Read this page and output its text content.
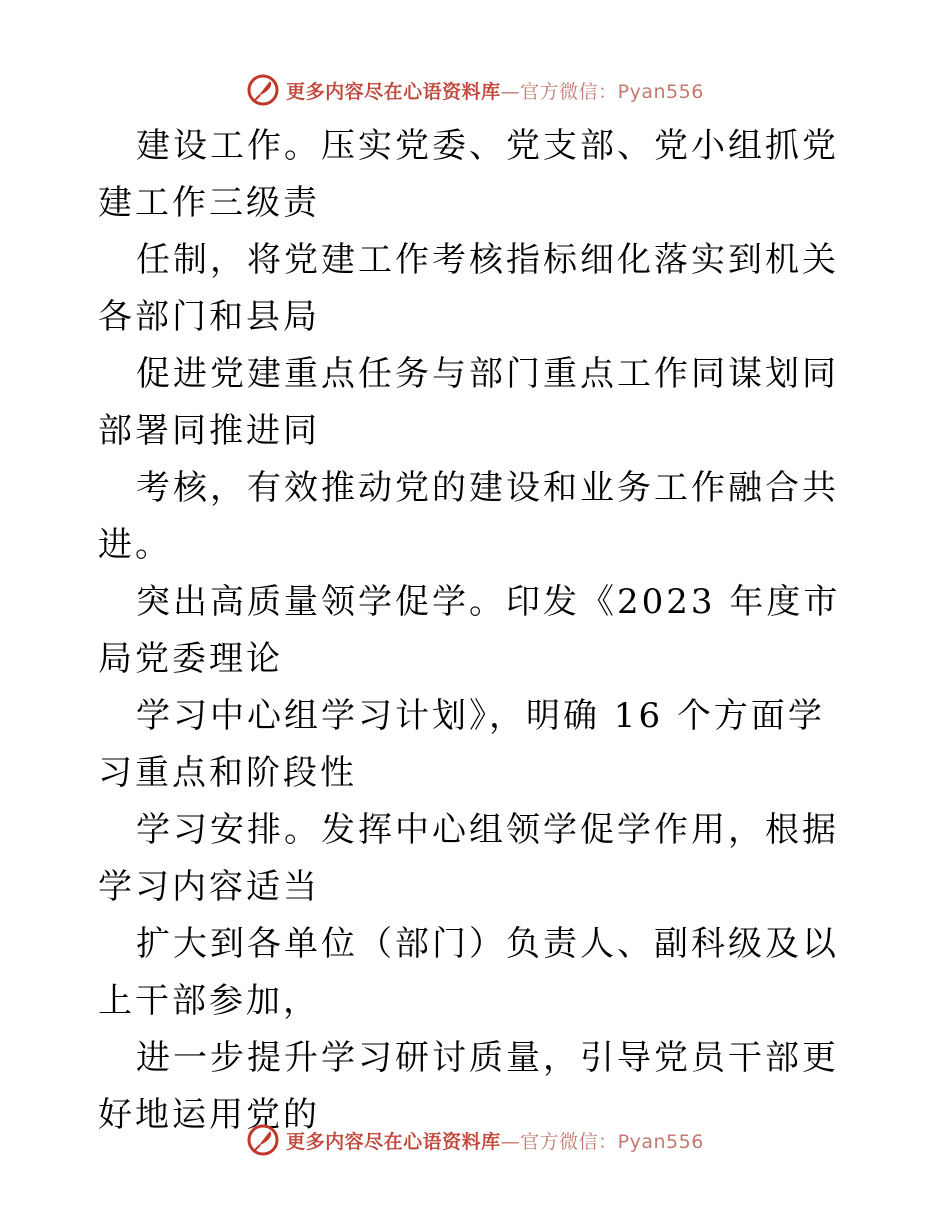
更多内容尽在心语资料库—官方微信：Pyan556

建设工作。压实党委、党支部、党小组抓党建工作三级责

任制，将党建工作考核指标细化落实到机关各部门和县局

促进党建重点任务与部门重点工作同谋划同部署同推进同

考核，有效推动党的建设和业务工作融合共进。

突出高质量领学促学。印发《2023 年度市局党委理论

学习中心组学习计划》，明确 16 个方面学习重点和阶段性

学习安排。发挥中心组领学促学作用，根据学习内容适当

扩大到各单位（部门）负责人、副科级及以上干部参加，

进一步提升学习研讨质量，引导党员干部更好地运用党的

更多内容尽在心语资料库—官方微信：Pyan556
